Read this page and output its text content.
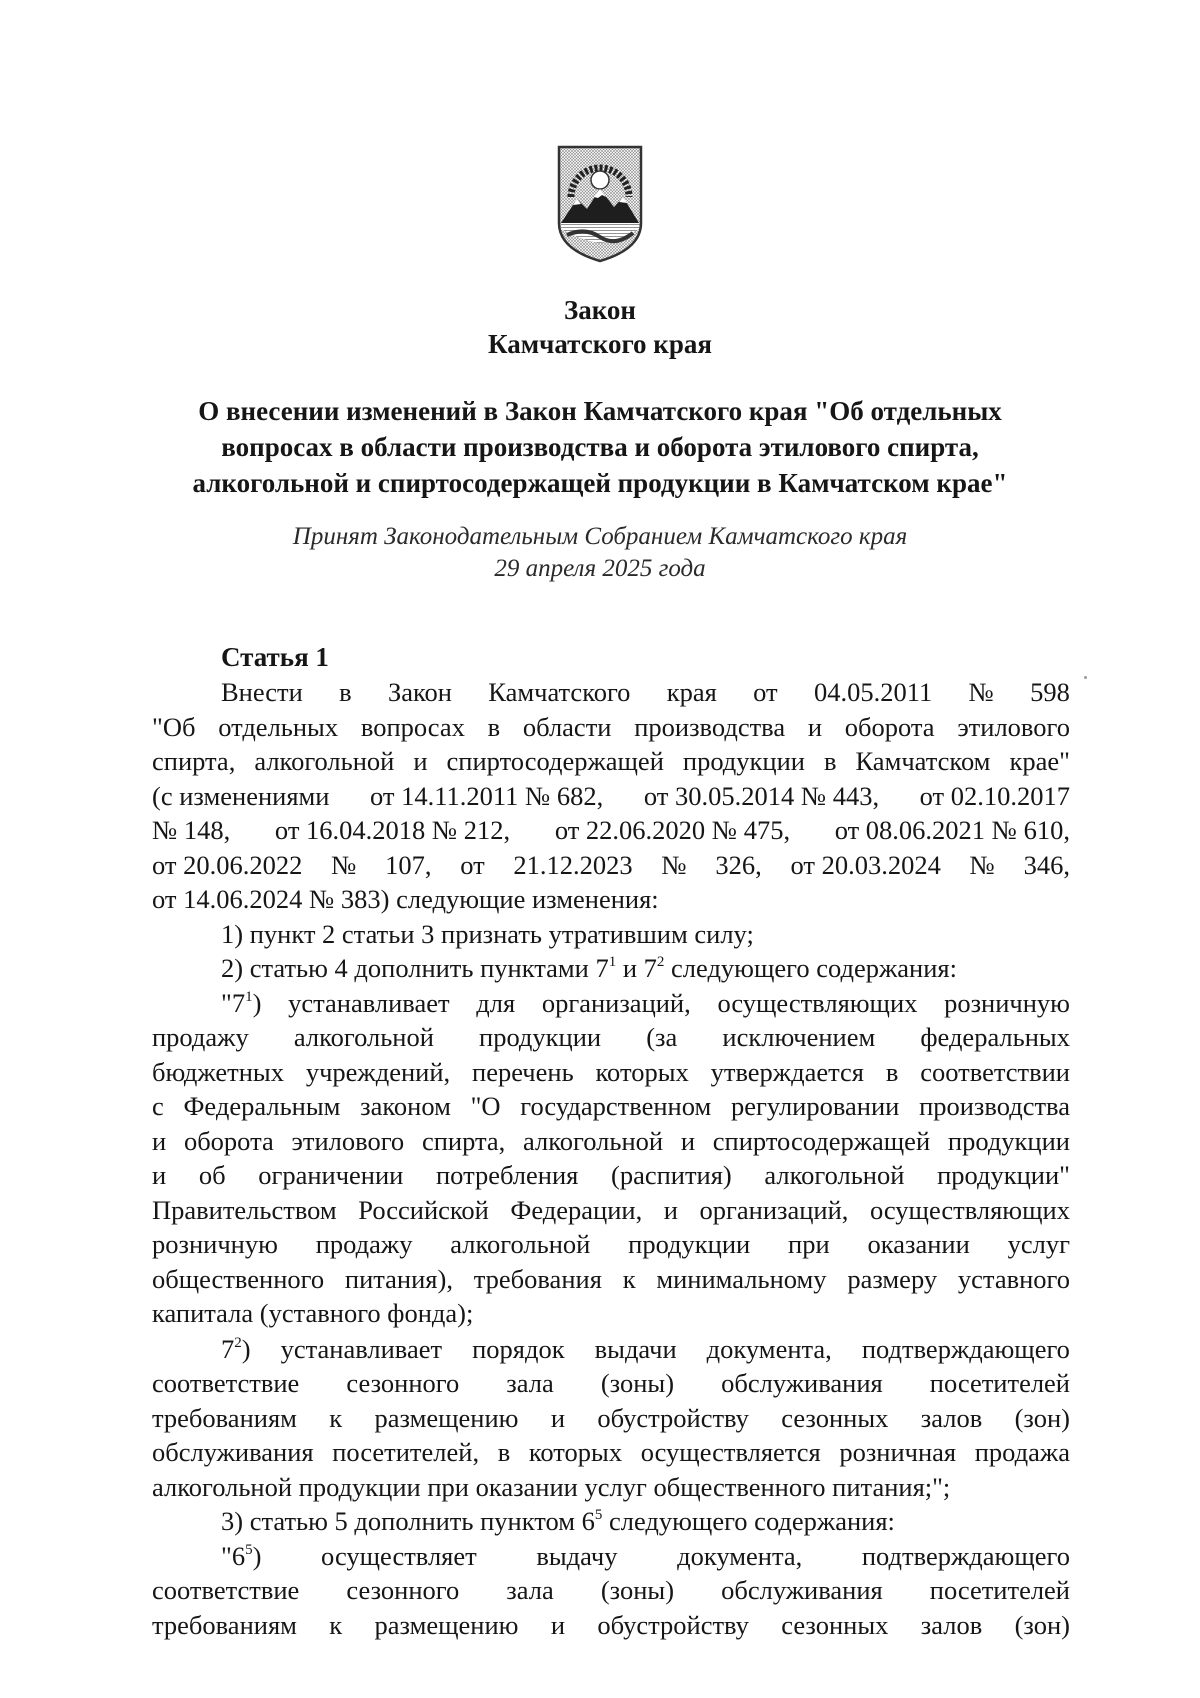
Закон
Камчатского края
О внесении изменений в Закон Камчатского края "Об отдельных
вопросах в области производства и оборота этилового спирта,
алкогольной и спиртосодержащей продукции в Камчатском крае"
Принят Законодательным Собранием Камчатского края
29 апреля 2025 года
Статья 1
Внести в Закон Камчатского края от 04.05.2011 № 598
"Об отдельных вопросах в области производства и оборота этилового
спирта, алкогольной и спиртосодержащей продукции в Камчатском крае"
(с изменениями от 14.11.2011 № 682, от 30.05.2014 № 443, от 02.10.2017
№ 148, от 16.04.2018 № 212, от 22.06.2020 № 475, от 08.06.2021 № 610,
от 20.06.2022 № 107, от 21.12.2023 № 326, от 20.03.2024 № 346,
от 14.06.2024 № 383) следующие изменения:
1) пункт 2 статьи 3 признать утратившим силу;
2) статью 4 дополнить пунктами $7^1$ и $7^2$ следующего содержания:
"$7^1$) устанавливает для организаций, осуществляющих розничную
продажу алкогольной продукции (за исключением федеральных
бюджетных учреждений, перечень которых утверждается в соответствии
с Федеральным законом "О государственном регулировании производства
и оборота этилового спирта, алкогольной и спиртосодержащей продукции
и об ограничении потребления (распития) алкогольной продукции"
Правительством Российской Федерации, и организаций, осуществляющих
розничную продажу алкогольной продукции при оказании услуг
общественного питания), требования к минимальному размеру уставного
капитала (уставного фонда);
$7^2$) устанавливает порядок выдачи документа, подтверждающего
соответствие сезонного зала (зоны) обслуживания посетителей
требованиям к размещению и обустройству сезонных залов (зон)
обслуживания посетителей, в которых осуществляется розничная продажа
алкогольной продукции при оказании услуг общественного питания;";
3) статью 5 дополнить пунктом $6^5$ следующего содержания:
"$6^5$) осуществляет выдачу документа, подтверждающего
соответствие сезонного зала (зоны) обслуживания посетителей
требованиям к размещению и обустройству сезонных залов (зон)
